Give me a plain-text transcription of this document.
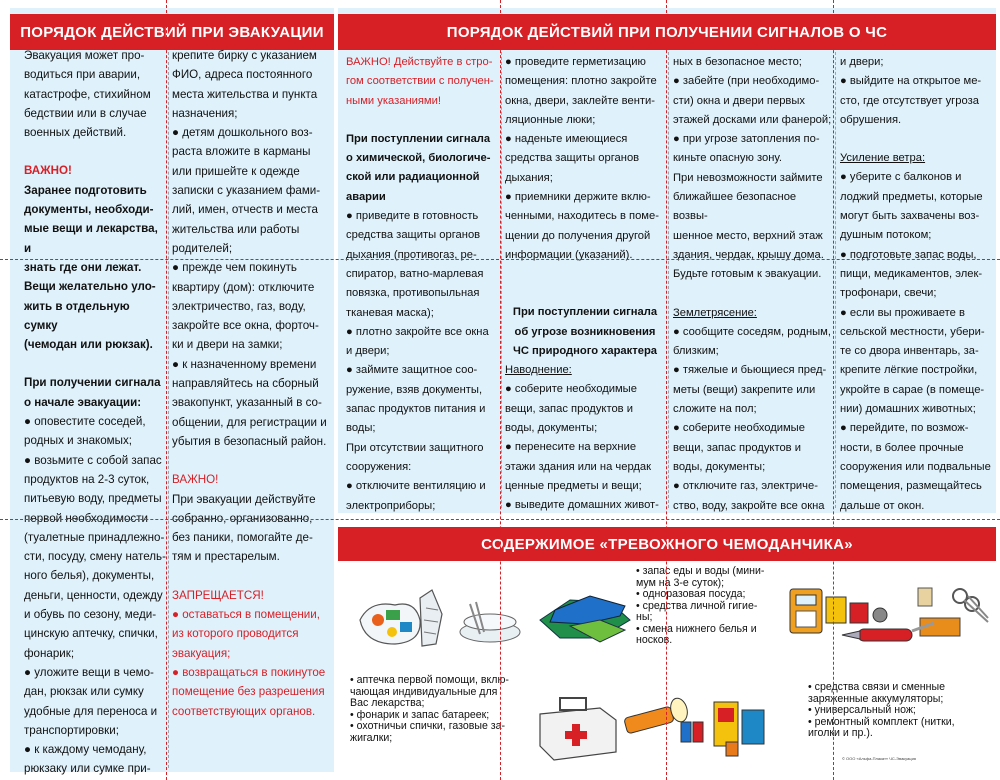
ПОРЯДОК ДЕЙСТВИЙ ПРИ ЭВАКУАЦИИ

Эвакуация может про-

водиться при аварии,

катастрофе, стихийном

бедствии или в случае

военных действий.

ВАЖНО!

Заранее подготовить

документы, необходи-

мые вещи и лекарства, и

знать где они лежат.

Вещи желательно уло-

жить в отдельную сумку

(чемодан или рюкзак).

При получении сигнала

о начале эвакуации:

● оповестите соседей,

родных и знакомых;

● возьмите с собой запас

продуктов на 2-3 суток,

питьевую воду, предметы

первой необходимости

(туалетные принадлежно-

сти, посуду, смену натель-

ного белья), документы,

деньги, ценности, одежду

и обувь по сезону, меди-

цинскую аптечку, спички,

фонарик;

● уложите вещи в чемо-

дан, рюкзак или сумку

удобные для переноса и

транспортировки;

● к каждому чемодану,

рюкзаку или сумке при-

крепите бирку с указанием

ФИО, адреса постоянного

места жительства и пункта

назначения;

● детям дошкольного воз-

раста вложите в карманы

или пришейте к одежде

записки с указанием фами-

лий, имен, отчеств и места

жительства или работы

родителей;

● прежде чем покинуть

квартиру (дом): отключите

электричество, газ, воду,

закройте все окна, форточ-

ки и двери на замки;

● к назначенному времени

направляйтесь на сборный

эвакопункт, указанный в со-

общении, для регистрации и

убытия в безопасный район.

ВАЖНО!

При эвакуации действуйте

собранно, организованно,

без паники, помогайте де-

тям и престарелым.

ЗАПРЕЩАЕТСЯ!

● оставаться в помещении,

из которого проводится

эвакуация;

● возвращаться в покинутое

помещение без разрешения

соответствующих органов.

ПОРЯДОК ДЕЙСТВИЙ ПРИ ПОЛУЧЕНИИ СИГНАЛОВ О ЧС

ВАЖНО! Действуйте в стро-

гом соответствии с получен-

ными указаниями!

При поступлении сигнала

о химической, биологиче-

ской или радиационной

аварии

● приведите в готовность

средства защиты органов

дыхания (противогаз, ре-

спиратор, ватно-марлевая

повязка, противопыльная

тканевая маска);

● плотно закройте все окна

и двери;

● займите защитное соо-

ружение, взяв документы,

запас продуктов питания и

воды;

При отсутствии защитного

сооружения:

● отключите вентиляцию и

электроприборы;

● проведите герметизацию

помещения: плотно закройте

окна, двери, заклейте венти-

ляционные люки;

● наденьте имеющиеся

средства защиты органов

дыхания;

● приемники держите вклю-

ченными, находитесь в поме-

щении до получения другой

информации (указаний).

При поступлении сигнала

об угрозе возникновения

ЧС природного характера

Наводнение:

● соберите необходимые

вещи, запас продуктов и

воды, документы;

● перенесите на верхние

этажи здания или на чердак

ценные предметы и вещи;

● выведите домашних живот-

ных в безопасное место;

● забейте (при необходимо-

сти) окна и двери первых

этажей досками или фанерой;

● при угрозе затопления по-

киньте опасную зону.

При невозможности займите

ближайшее безопасное возвы-

шенное место, верхний этаж

здания, чердак, крышу дома.

Будьте готовым к эвакуации.

Землетрясение:

● сообщите соседям, родным,

близким;

● тяжелые и бьющиеся пред-

меты (вещи) закрепите или

сложите на пол;

● соберите необходимые

вещи, запас продуктов и

воды, документы;

● отключите газ, электриче-

ство, воду, закройте все окна

и двери;

● выйдите на открытое ме-

сто, где отсутствует угроза

обрушения.

Усиление ветра:

● уберите с балконов и

лоджий предметы, которые

могут быть захвачены воз-

душным потоком;

● подготовьте запас воды,

пищи, медикаментов, элек-

трофонари, свечи;

● если вы проживаете в

сельской местности, убери-

те со двора инвентарь, за-

крепите лёгкие постройки,

укройте в сарае (в помеще-

нии) домашних животных;

● перейдите, по возмож-

ности, в более прочные

сооружения или подвальные

помещения, размещайтесь

дальше от окон.

СОДЕРЖИМОЕ «ТРЕВОЖНОГО ЧЕМОДАНЧИКА»

• запас еды и воды (мини-

мум на 3-е суток);

• одноразовая посуда;

• средства личной гигие-

ны;

• смена нижнего белья и

носков.

• аптечка первой помощи, вклю-

чающая индивидуальные для

Вас лекарства;

• фонарик и запас батареек;

• охотничьи спички, газовые за-

жигалки;

• средства связи и сменные

заряженные аккумуляторы;

• универсальный нож;

• ремонтный комплект (нитки,

иголки и пр.).

© ООО «Альфа-Плакат» ЧС-Эвакуация
